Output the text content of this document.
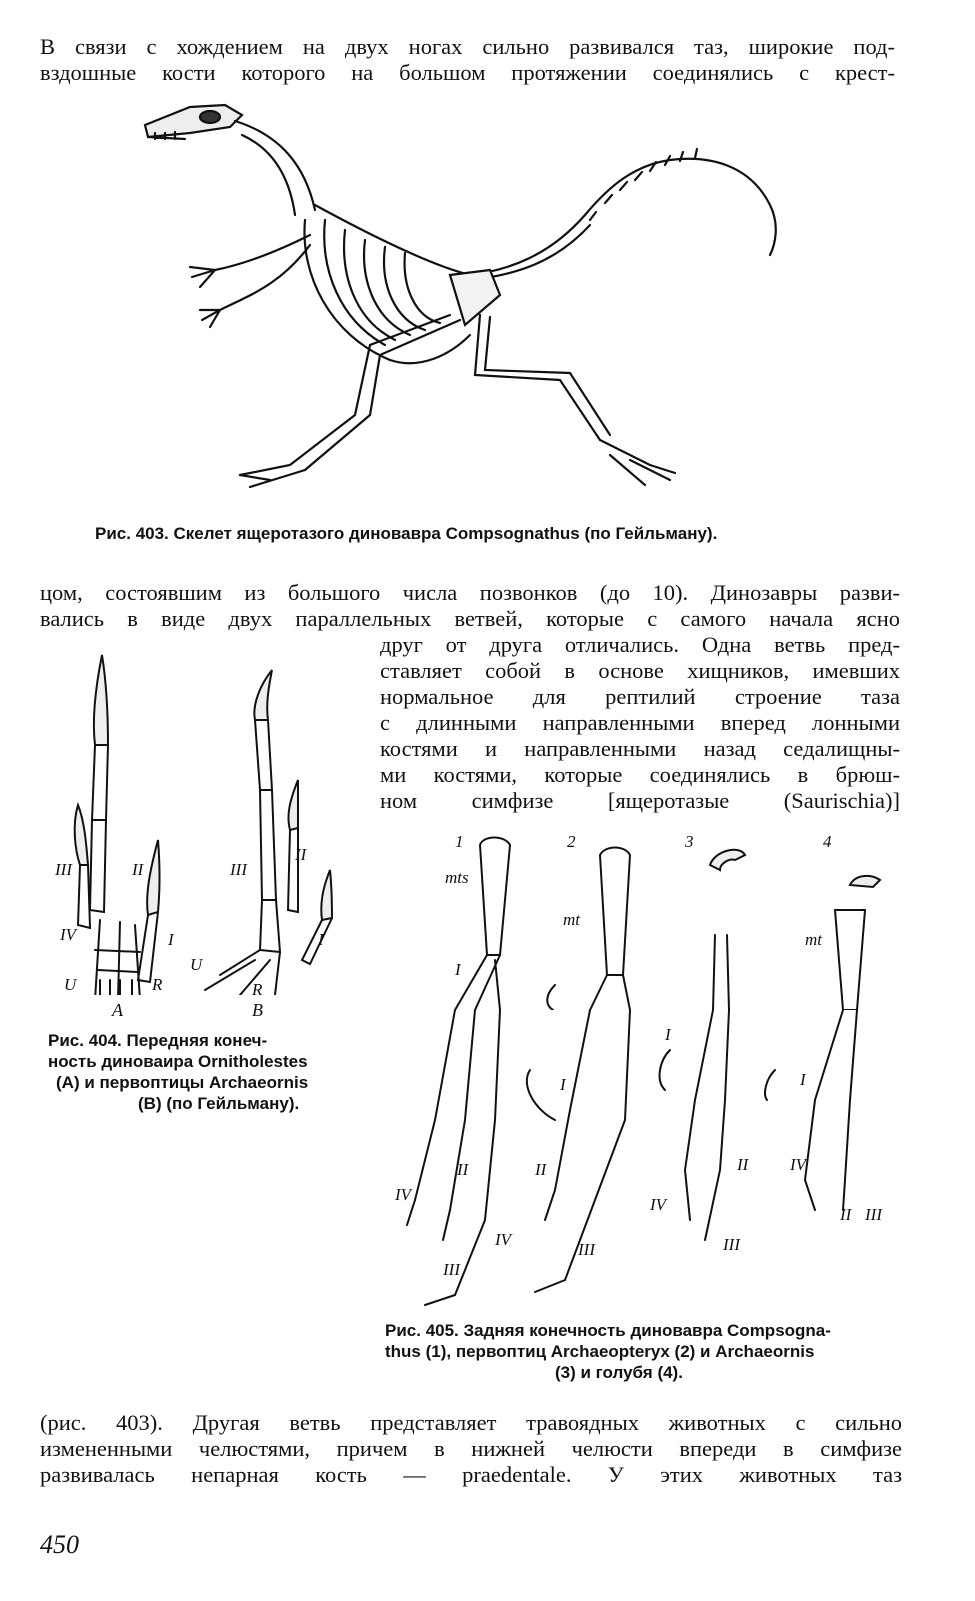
В связи с хождением на двух ногах сильно развивался таз, широкие под-
вздошные кости которого на большом протяжении соединялись с крест-

Рис. 403. Скелет ящеротазого диноваврa Compsognathus (по Гейльману).

цом, состоявшим из большого числа позвонков (до 10). Динозавры разви-
вались в виде двух параллельных ветвей, которые с самого начала ясно

друг от друга отличались. Одна ветвь пред-
ставляет собой в основе хищников, имевших
нормальное для рептилий строение таза
с длинными направленными вперед лонными
костями и направленными назад седалищны-
ми костями, которые соединялись в брюш-
ном симфизе [ящеротазые (Saurischia)]

III	II
IV	I
U	R
III
II
I
U
R
A	B

Рис. 404. Передняя конеч-
ность диноваира Ornitholestes
(A) и первоптицы Archaeornis
(B) (по Гейльману).

1
mts
I
2
mt
3	4
mt

Рис. 405. Задняя конечность диноваврa Compsogna-
thus (1), первоптиц Archaeopteryx (2) и Archaeornis
(3) и голубя (4).

IV
II
III
I
II
IV
III
I
II
IV
III
I
IV
II III

(рис. 403). Другая ветвь представляет травоядных животных с сильно
измененными челюстями, причем в нижней челюсти впереди в симфизе
развивалась непарная кость — praedentale. У этих животных таз

450
